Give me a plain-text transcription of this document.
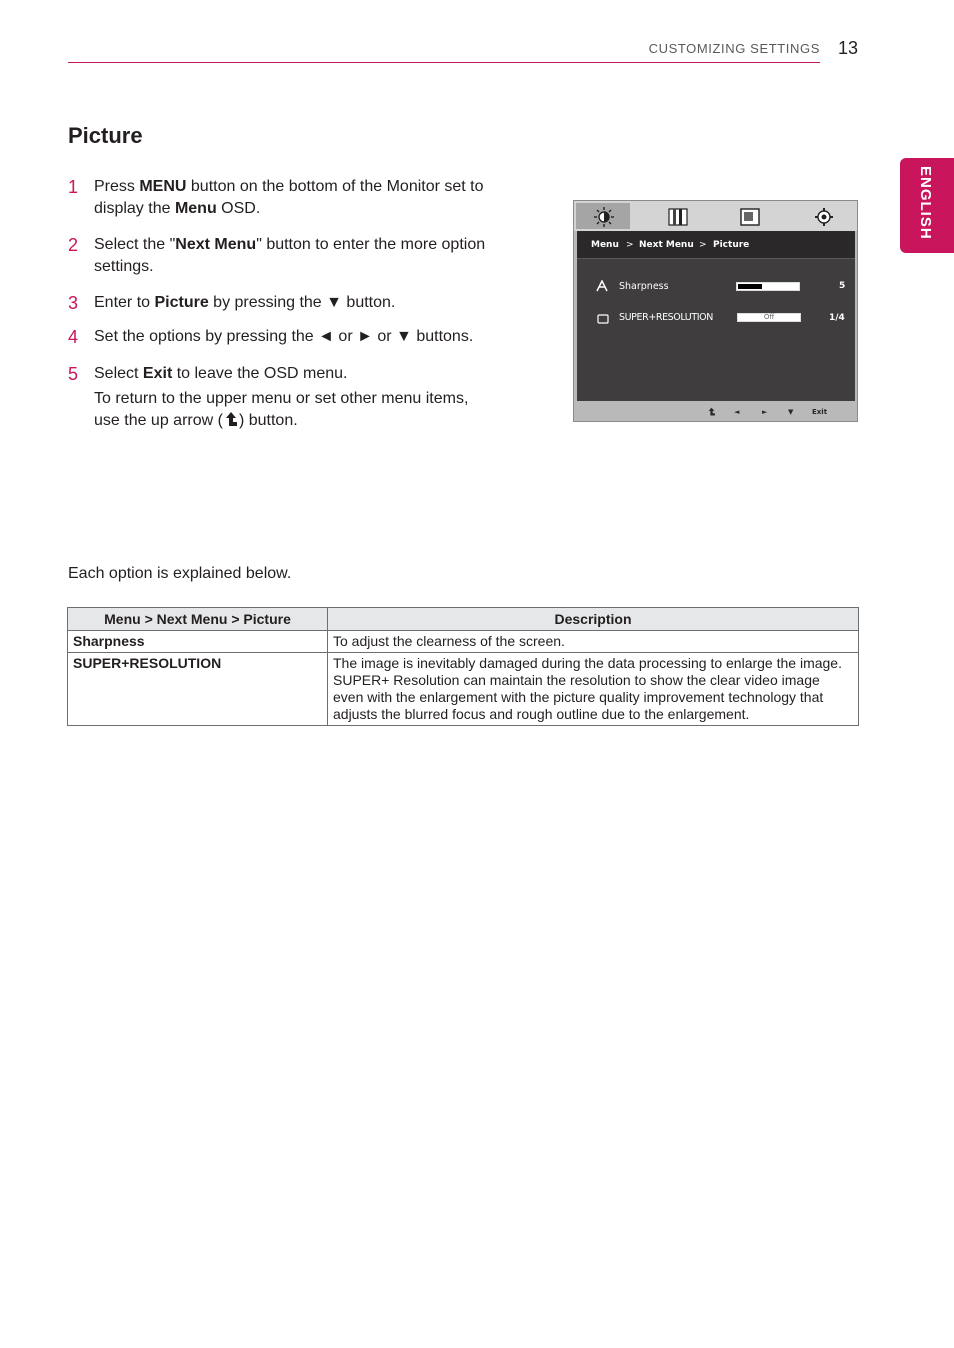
CUSTOMIZING SETTINGS 13
ENGLISH
Picture
1 Press MENU button on the bottom of the Monitor set to display the Menu OSD.

2 Select the "Next Menu" button to enter the more option settings.

3 Enter to Picture by pressing the ▼ button.

4 Set the options by pressing the ◄ or ► or ▼ buttons.

5 Select Exit to leave the OSD menu.

To return to the upper menu or set other menu items, use the up arrow ( ) button.

Menu > Next Menu > Picture
Sharpness	5
SUPER+RESOLUTION	Off	1/4
◄	►	▼	Exit
Each option is explained below.
Menu > Next Menu > Picture	Description
Sharpness	To adjust the clearness of the screen.
SUPER+RESOLUTION	The image is inevitably damaged during the data processing to enlarge the image. SUPER+ Resolution can maintain the resolution to show the clear video image even with the enlargement with the picture quality improvement technology that adjusts the blurred focus and rough outline due to the enlargement.
